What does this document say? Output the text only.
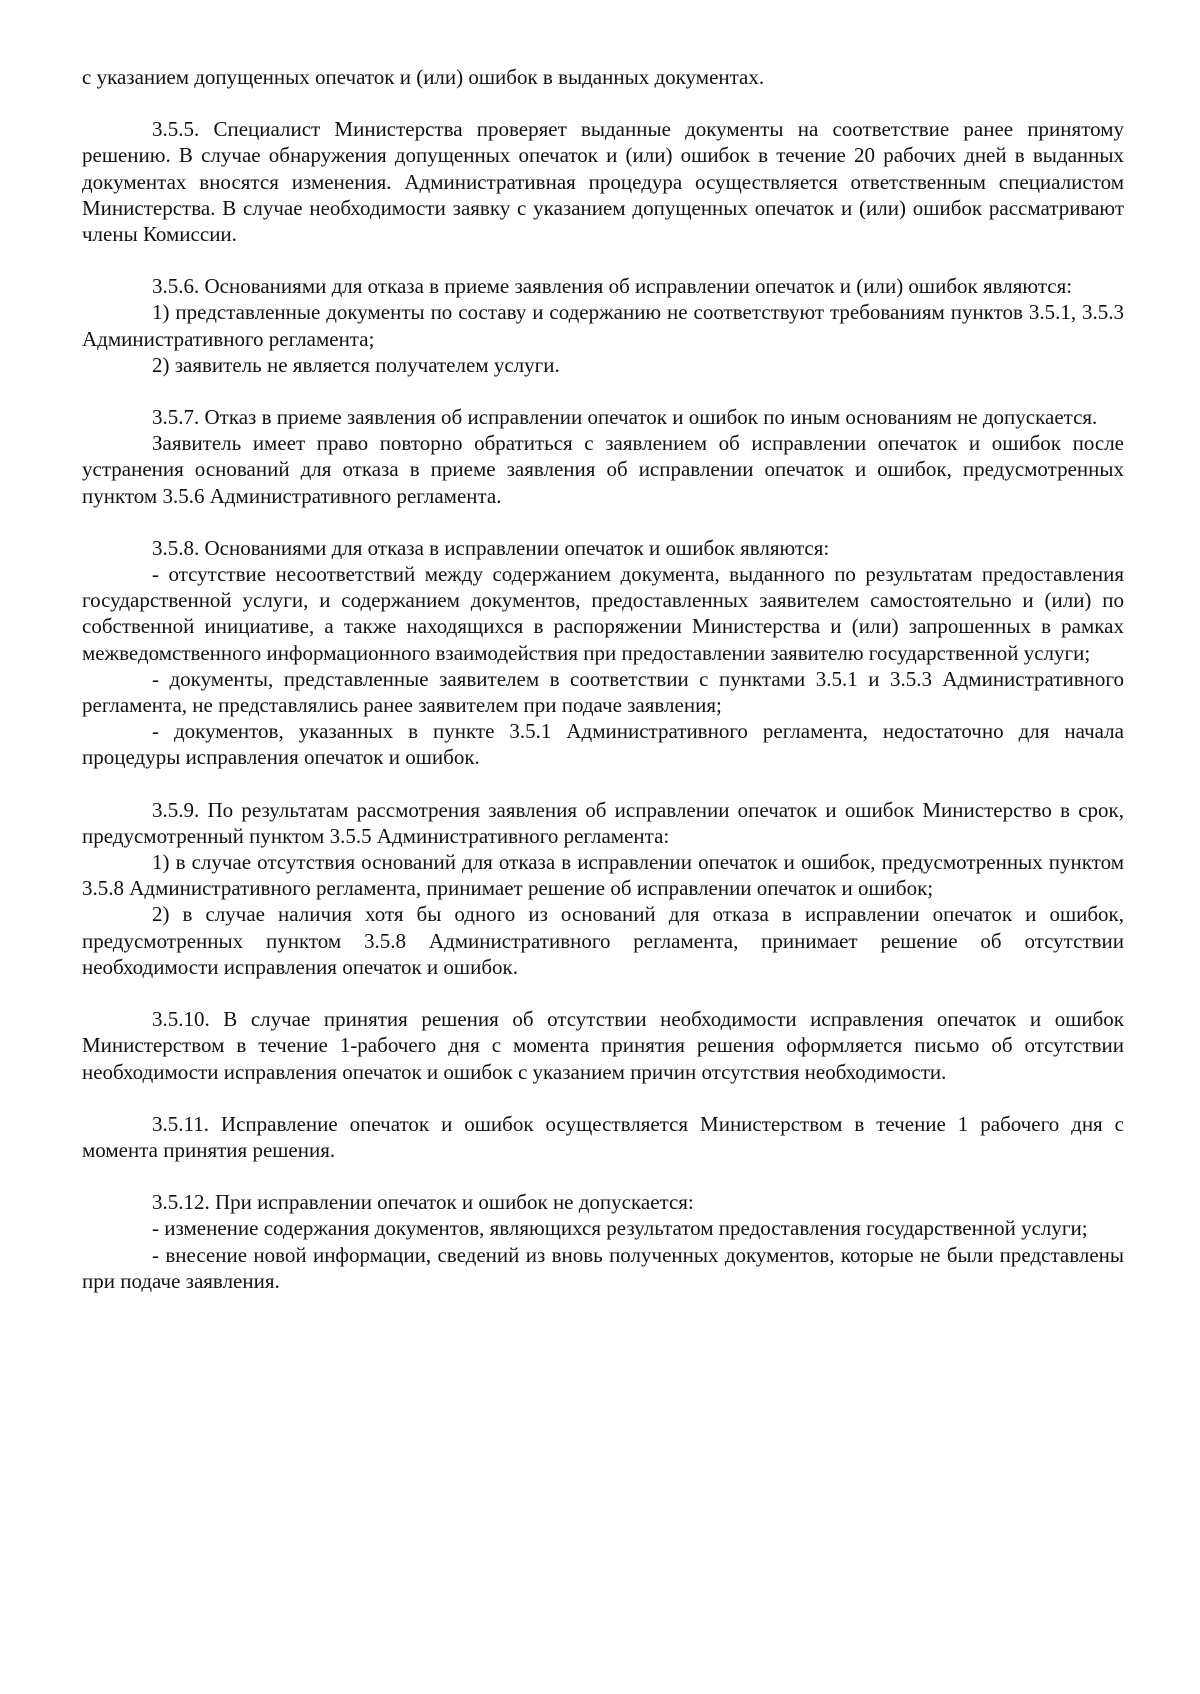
с указанием допущенных опечаток и (или) ошибок в выданных документах.

3.5.5. Специалист Министерства проверяет выданные документы на соответствие ранее принятому решению. В случае обнаружения допущенных опечаток и (или) ошибок в течение 20 рабочих дней в выданных документах вносятся изменения. Административная процедура осуществляется ответственным специалистом Министерства. В случае необходимости заявку с указанием допущенных опечаток и (или) ошибок рассматривают члены Комиссии.

3.5.6. Основаниями для отказа в приеме заявления об исправлении опечаток и (или) ошибок являются:

1) представленные документы по составу и содержанию не соответствуют требованиям пунктов 3.5.1, 3.5.3 Административного регламента;

2) заявитель не является получателем услуги.

3.5.7. Отказ в приеме заявления об исправлении опечаток и ошибок по иным основаниям не допускается.

Заявитель имеет право повторно обратиться с заявлением об исправлении опечаток и ошибок после устранения оснований для отказа в приеме заявления об исправлении опечаток и ошибок, предусмотренных пунктом 3.5.6 Административного регламента.

3.5.8. Основаниями для отказа в исправлении опечаток и ошибок являются:

- отсутствие несоответствий между содержанием документа, выданного по результатам предоставления государственной услуги, и содержанием документов, предоставленных заявителем самостоятельно и (или) по собственной инициативе, а также находящихся в распоряжении Министерства и (или) запрошенных в рамках межведомственного информационного взаимодействия при предоставлении заявителю государственной услуги;

- документы, представленные заявителем в соответствии с пунктами 3.5.1 и 3.5.3 Административного регламента, не представлялись ранее заявителем при подаче заявления;

- документов, указанных в пункте 3.5.1 Административного регламента, недостаточно для начала процедуры исправления опечаток и ошибок.

3.5.9. По результатам рассмотрения заявления об исправлении опечаток и ошибок Министерство в срок, предусмотренный пунктом 3.5.5 Административного регламента:

1) в случае отсутствия оснований для отказа в исправлении опечаток и ошибок, предусмотренных пунктом 3.5.8 Административного регламента, принимает решение об исправлении опечаток и ошибок;

2) в случае наличия хотя бы одного из оснований для отказа в исправлении опечаток и ошибок, предусмотренных пунктом 3.5.8 Административного регламента, принимает решение об отсутствии необходимости исправления опечаток и ошибок.

3.5.10. В случае принятия решения об отсутствии необходимости исправления опечаток и ошибок Министерством в течение 1-рабочего дня с момента принятия решения оформляется письмо об отсутствии необходимости исправления опечаток и ошибок с указанием причин отсутствия необходимости.

3.5.11. Исправление опечаток и ошибок осуществляется Министерством в течение 1 рабочего дня с момента принятия решения.

3.5.12. При исправлении опечаток и ошибок не допускается:

- изменение содержания документов, являющихся результатом предоставления государственной услуги;

- внесение новой информации, сведений из вновь полученных документов, которые не были представлены при подаче заявления.
